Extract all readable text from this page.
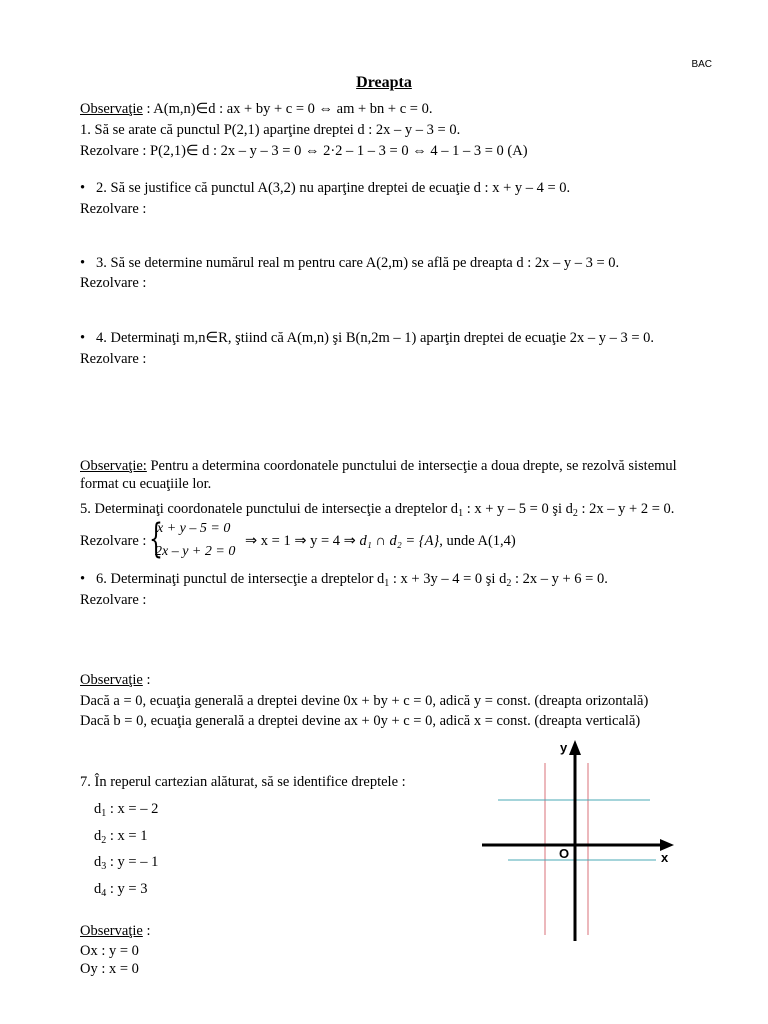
BAC
Dreapta
Observaţie : A(m,n)∈d : ax + by + c = 0 ⇔ am + bn + c = 0.
1. Să se arate că punctul P(2,1) aparţine dreptei d : 2x – y – 3 = 0.
Rezolvare : P(2,1)∈ d : 2x – y – 3 = 0 ⇔ 2·2 – 1 – 3 = 0 ⇔ 4 – 1 – 3 = 0 (A)
• 2. Să se justifice că punctul A(3,2) nu aparţine dreptei de ecuaţie d : x + y – 4 = 0.
Rezolvare :
• 3. Să se determine numărul real m pentru care A(2,m) se află pe dreapta d : 2x – y – 3 = 0.
Rezolvare :
• 4. Determinaţi m,n∈R, ştiind că A(m,n) şi B(n,2m – 1) aparţin dreptei de ecuaţie 2x – y – 3 = 0.
Rezolvare :
Observaţie: Pentru a determina coordonatele punctului de intersecţie a doua drepte, se rezolvă sistemul
format cu ecuaţiile lor.
5. Determinaţi coordonatele punctului de intersecţie a dreptelor $d_1$ : x + y – 5 = 0 şi $d_2$ : 2x – y + 2 = 0.
Rezolvare : {
x + y – 5 = 0
2x – y + 2 = 0
⇒ x = 1 ⇒ y = 4 ⇒ d₁ ∩ d₂ = {A}, unde A(1,4)
• 6. Determinaţi punctul de intersecţie a dreptelor $d_1$ : x + 3y – 4 = 0 şi $d_2$ : 2x – y + 6 = 0.
Rezolvare :
Observaţie :
Dacă a = 0, ecuaţia generală a dreptei devine 0x + by + c = 0, adică y = const. (dreapta orizontală)
Dacă b = 0, ecuaţia generală a dreptei devine ax + 0y + c = 0, adică x = const. (dreapta verticală)
7. În reperul cartezian alăturat, să se identifice dreptele :
$d_1$ : x = – 2
$d_2$ : x = 1
$d_3$ : y = – 1
$d_4$ : y = 3
Observaţie :
Ox : y = 0
Oy : x = 0
y
x
O
